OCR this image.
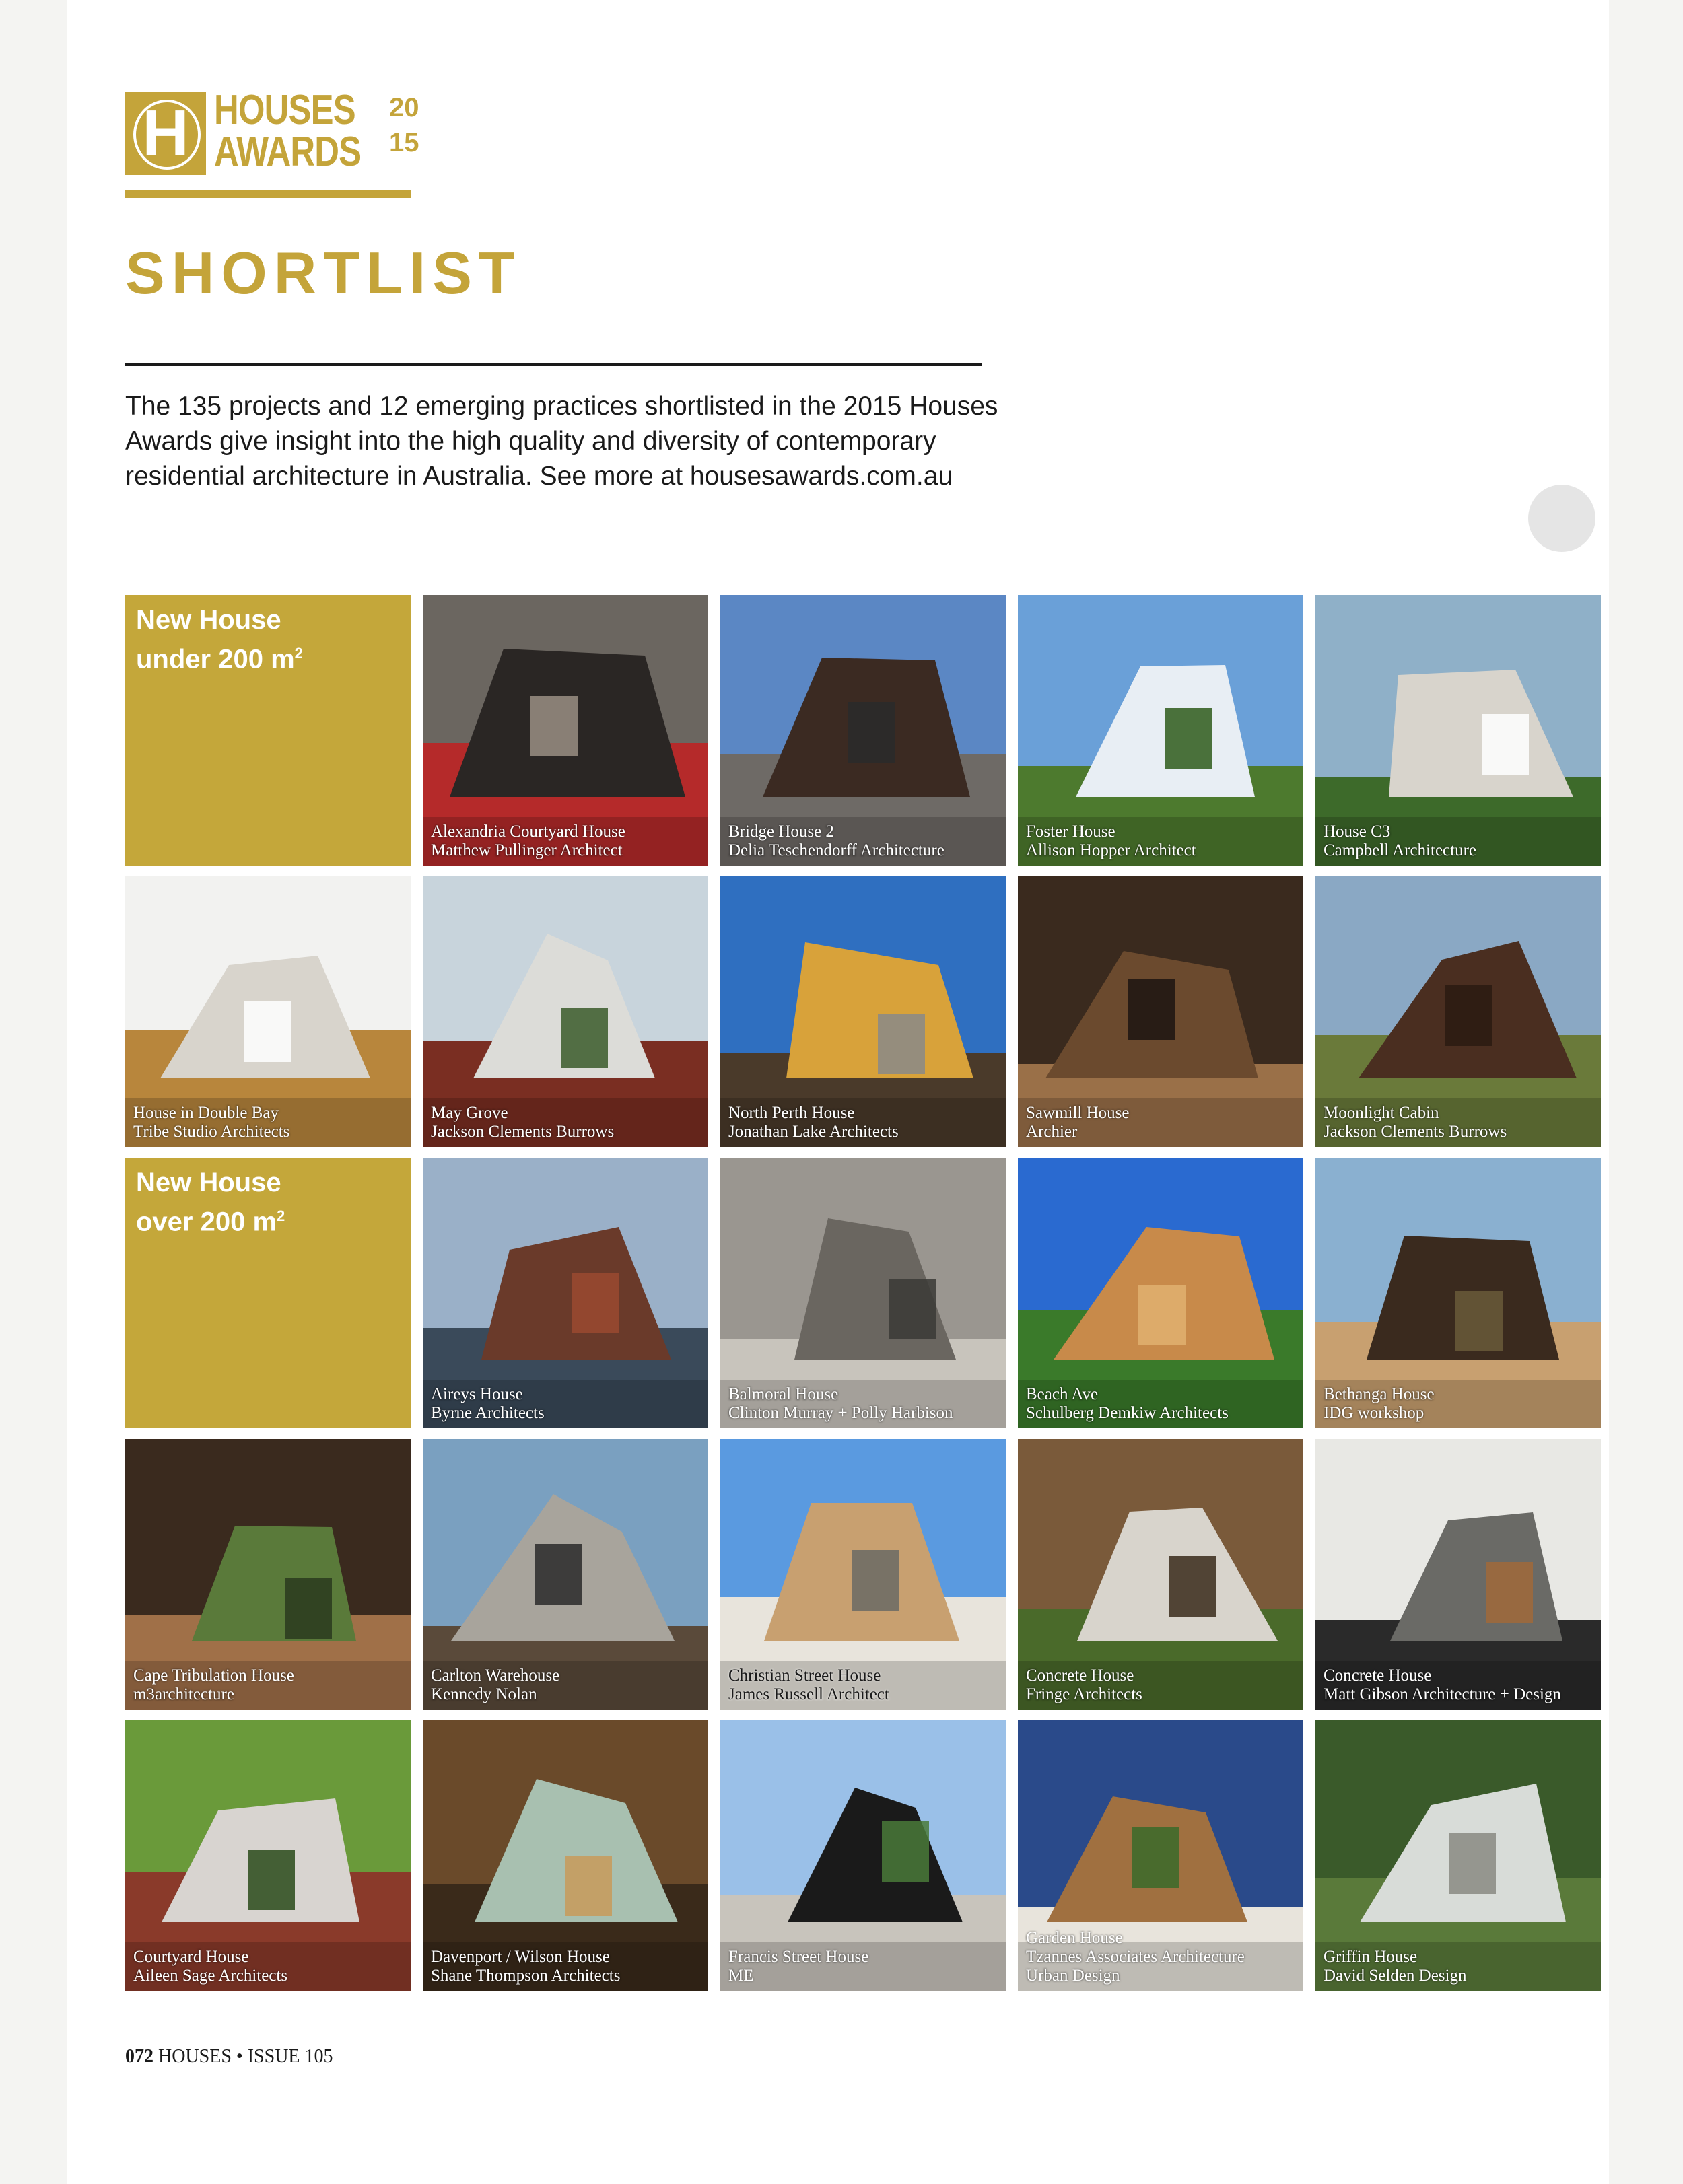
H HOUSES
AWARDS
20
15
SHORTLIST

The 135 projects and 12 emerging practices shortlisted in the 2015 Houses Awards give insight into the high quality and diversity of contemporary residential architecture in Australia. See more at housesawards.com.au

New House
under 200 $m^2$
Alexandria Courtyard House
Matthew Pullinger Architect
Bridge House 2
Delia Teschendorff Architecture
Foster House
Allison Hopper Architect
House C3
Campbell Architecture
House in Double Bay
Tribe Studio Architects
May Grove
Jackson Clements Burrows
North Perth House
Jonathan Lake Architects
Sawmill House
Archier
Moonlight Cabin
Jackson Clements Burrows
New House
over 200 $m^2$
Aireys House
Byrne Architects
Balmoral House
Clinton Murray + Polly Harbison
Beach Ave
Schulberg Demkiw Architects
Bethanga House
IDG workshop
Cape Tribulation House
m3architecture
Carlton Warehouse
Kennedy Nolan
Christian Street House
James Russell Architect
Concrete House
Fringe Architects
Concrete House
Matt Gibson Architecture + Design
Courtyard House
Aileen Sage Architects
Davenport / Wilson House
Shane Thompson Architects
Francis Street House
ME
Garden House
Tzannes Associates Architecture
Urban Design
Griffin House
David Selden Design
072 HOUSES • ISSUE 105
